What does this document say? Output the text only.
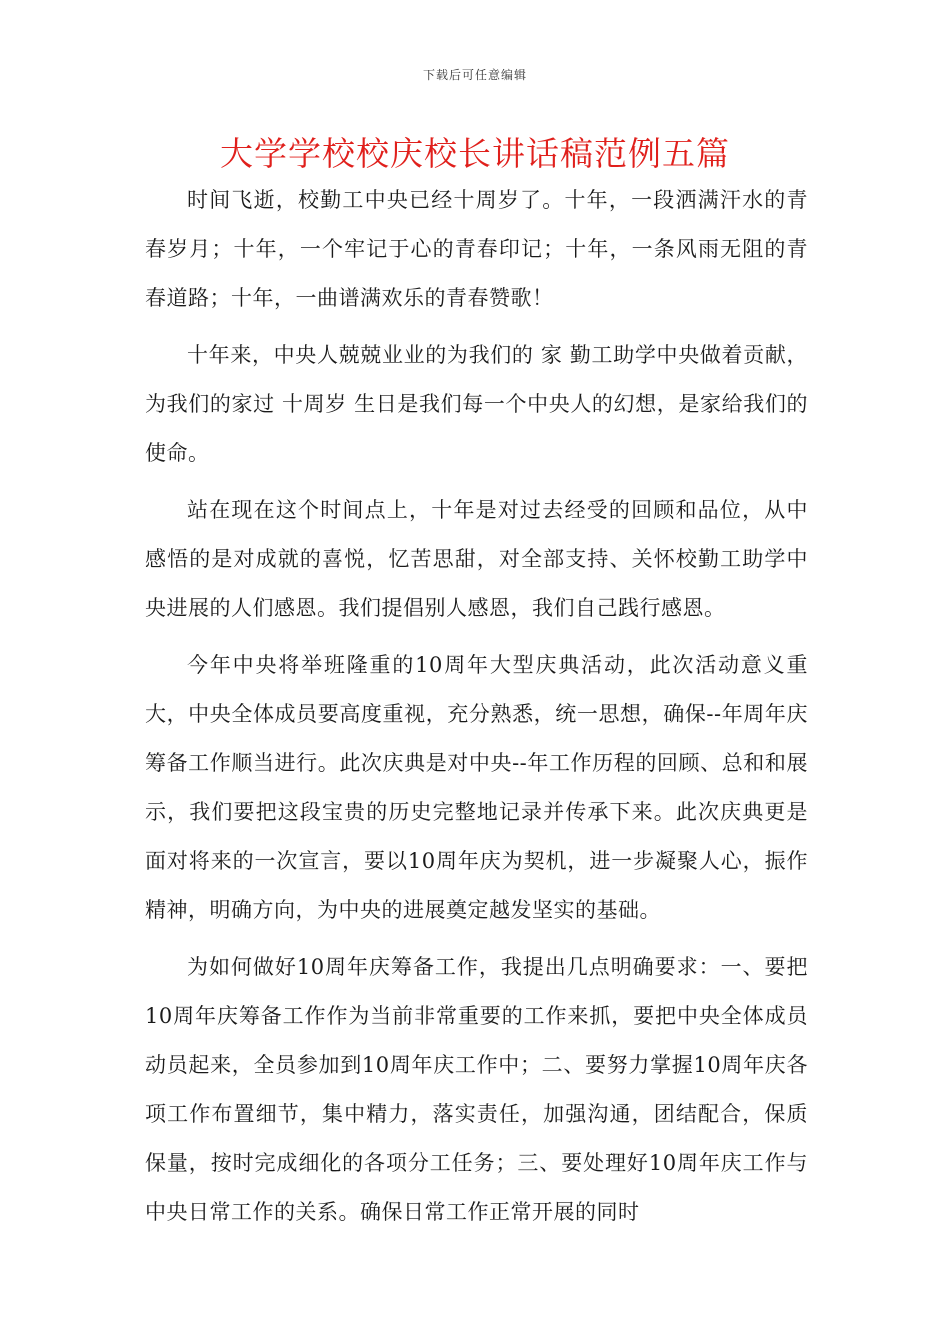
下载后可任意编辑
大学学校校庆校长讲话稿范例五篇

时间飞逝，校勤工中央已经十周岁了。十年，一段洒满汗水的青春岁月；十年，一个牢记于心的青春印记；十年，一条风雨无阻的青春道路；十年，一曲谱满欢乐的青春赞歌！

十年来，中央人兢兢业业的为我们的 家 勤工助学中央做着贡献，为我们的家过 十周岁 生日是我们每一个中央人的幻想，是家给我们的使命。

站在现在这个时间点上，十年是对过去经受的回顾和品位，从中感悟的是对成就的喜悦，忆苦思甜，对全部支持、关怀校勤工助学中央进展的人们感恩。我们提倡别人感恩，我们自己践行感恩。

今年中央将举班隆重的10周年大型庆典活动，此次活动意义重大，中央全体成员要高度重视，充分熟悉，统一思想，确保--年周年庆筹备工作顺当进行。此次庆典是对中央--年工作历程的回顾、总和和展示，我们要把这段宝贵的历史完整地记录并传承下来。此次庆典更是面对将来的一次宣言，要以10周年庆为契机，进一步凝聚人心，振作精神，明确方向，为中央的进展奠定越发坚实的基础。

为如何做好10周年庆筹备工作，我提出几点明确要求：一、要把10周年庆筹备工作作为当前非常重要的工作来抓，要把中央全体成员动员起来，全员参加到10周年庆工作中；二、要努力掌握10周年庆各项工作布置细节，集中精力，落实责任，加强沟通，团结配合，保质保量，按时完成细化的各项分工任务；三、要处理好10周年庆工作与中央日常工作的关系。确保日常工作正常开展的同时
